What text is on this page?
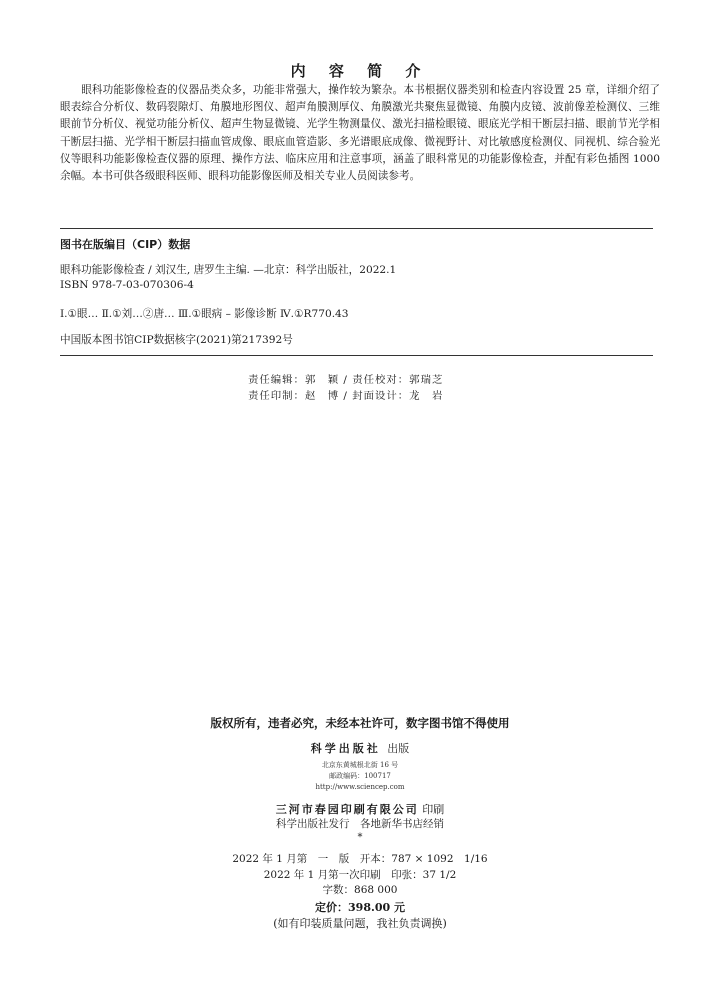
内 容 简 介

眼科功能影像检查的仪器品类众多，功能非常强大，操作较为繁杂。本书根据仪器类别和检查内容设置 25 章，详细介绍了眼表综合分析仪、数码裂隙灯、角膜地形图仪、超声角膜测厚仪、角膜激光共聚焦显微镜、角膜内皮镜、波前像差检测仪、三维眼前节分析仪、视觉功能分析仪、超声生物显微镜、光学生物测量仪、激光扫描检眼镜、眼底光学相干断层扫描、眼前节光学相干断层扫描、光学相干断层扫描血管成像、眼底血管造影、多光谱眼底成像、微视野计、对比敏感度检测仪、同视机、综合验光仪等眼科功能影像检查仪器的原理、操作方法、临床应用和注意事项，涵盖了眼科常见的功能影像检查，并配有彩色插图 1000 余幅。本书可供各级眼科医师、眼科功能影像医师及相关专业人员阅读参考。

图书在版编目（CIP）数据
眼科功能影像检查 / 刘汉生, 唐罗生主编. —北京：科学出版社，2022.1
ISBN 978-7-03-070306-4
Ⅰ.①眼… Ⅱ.①刘…②唐… Ⅲ.①眼病 – 影像诊断 Ⅳ.①R770.43
中国版本图书馆CIP数据核字(2021)第217392号
责任编辑：郭　颖 / 责任校对：郭瑞芝
责任印制：赵　博 / 封面设计：龙　岩
版权所有，违者必究，未经本社许可，数字图书馆不得使用
科学出版社 出版
北京东黄城根北街 16 号
邮政编码：100717
http://www.sciencep.com
三河市春园印刷有限公司 印刷
科学出版社发行　各地新华书店经销
*
2022 年 1 月第　一　版　开本：787 × 1092　1/16
2022 年 1 月第一次印刷　印张：37 1/2
字数：868 000
定价：398.00 元
(如有印装质量问题，我社负责调换)
